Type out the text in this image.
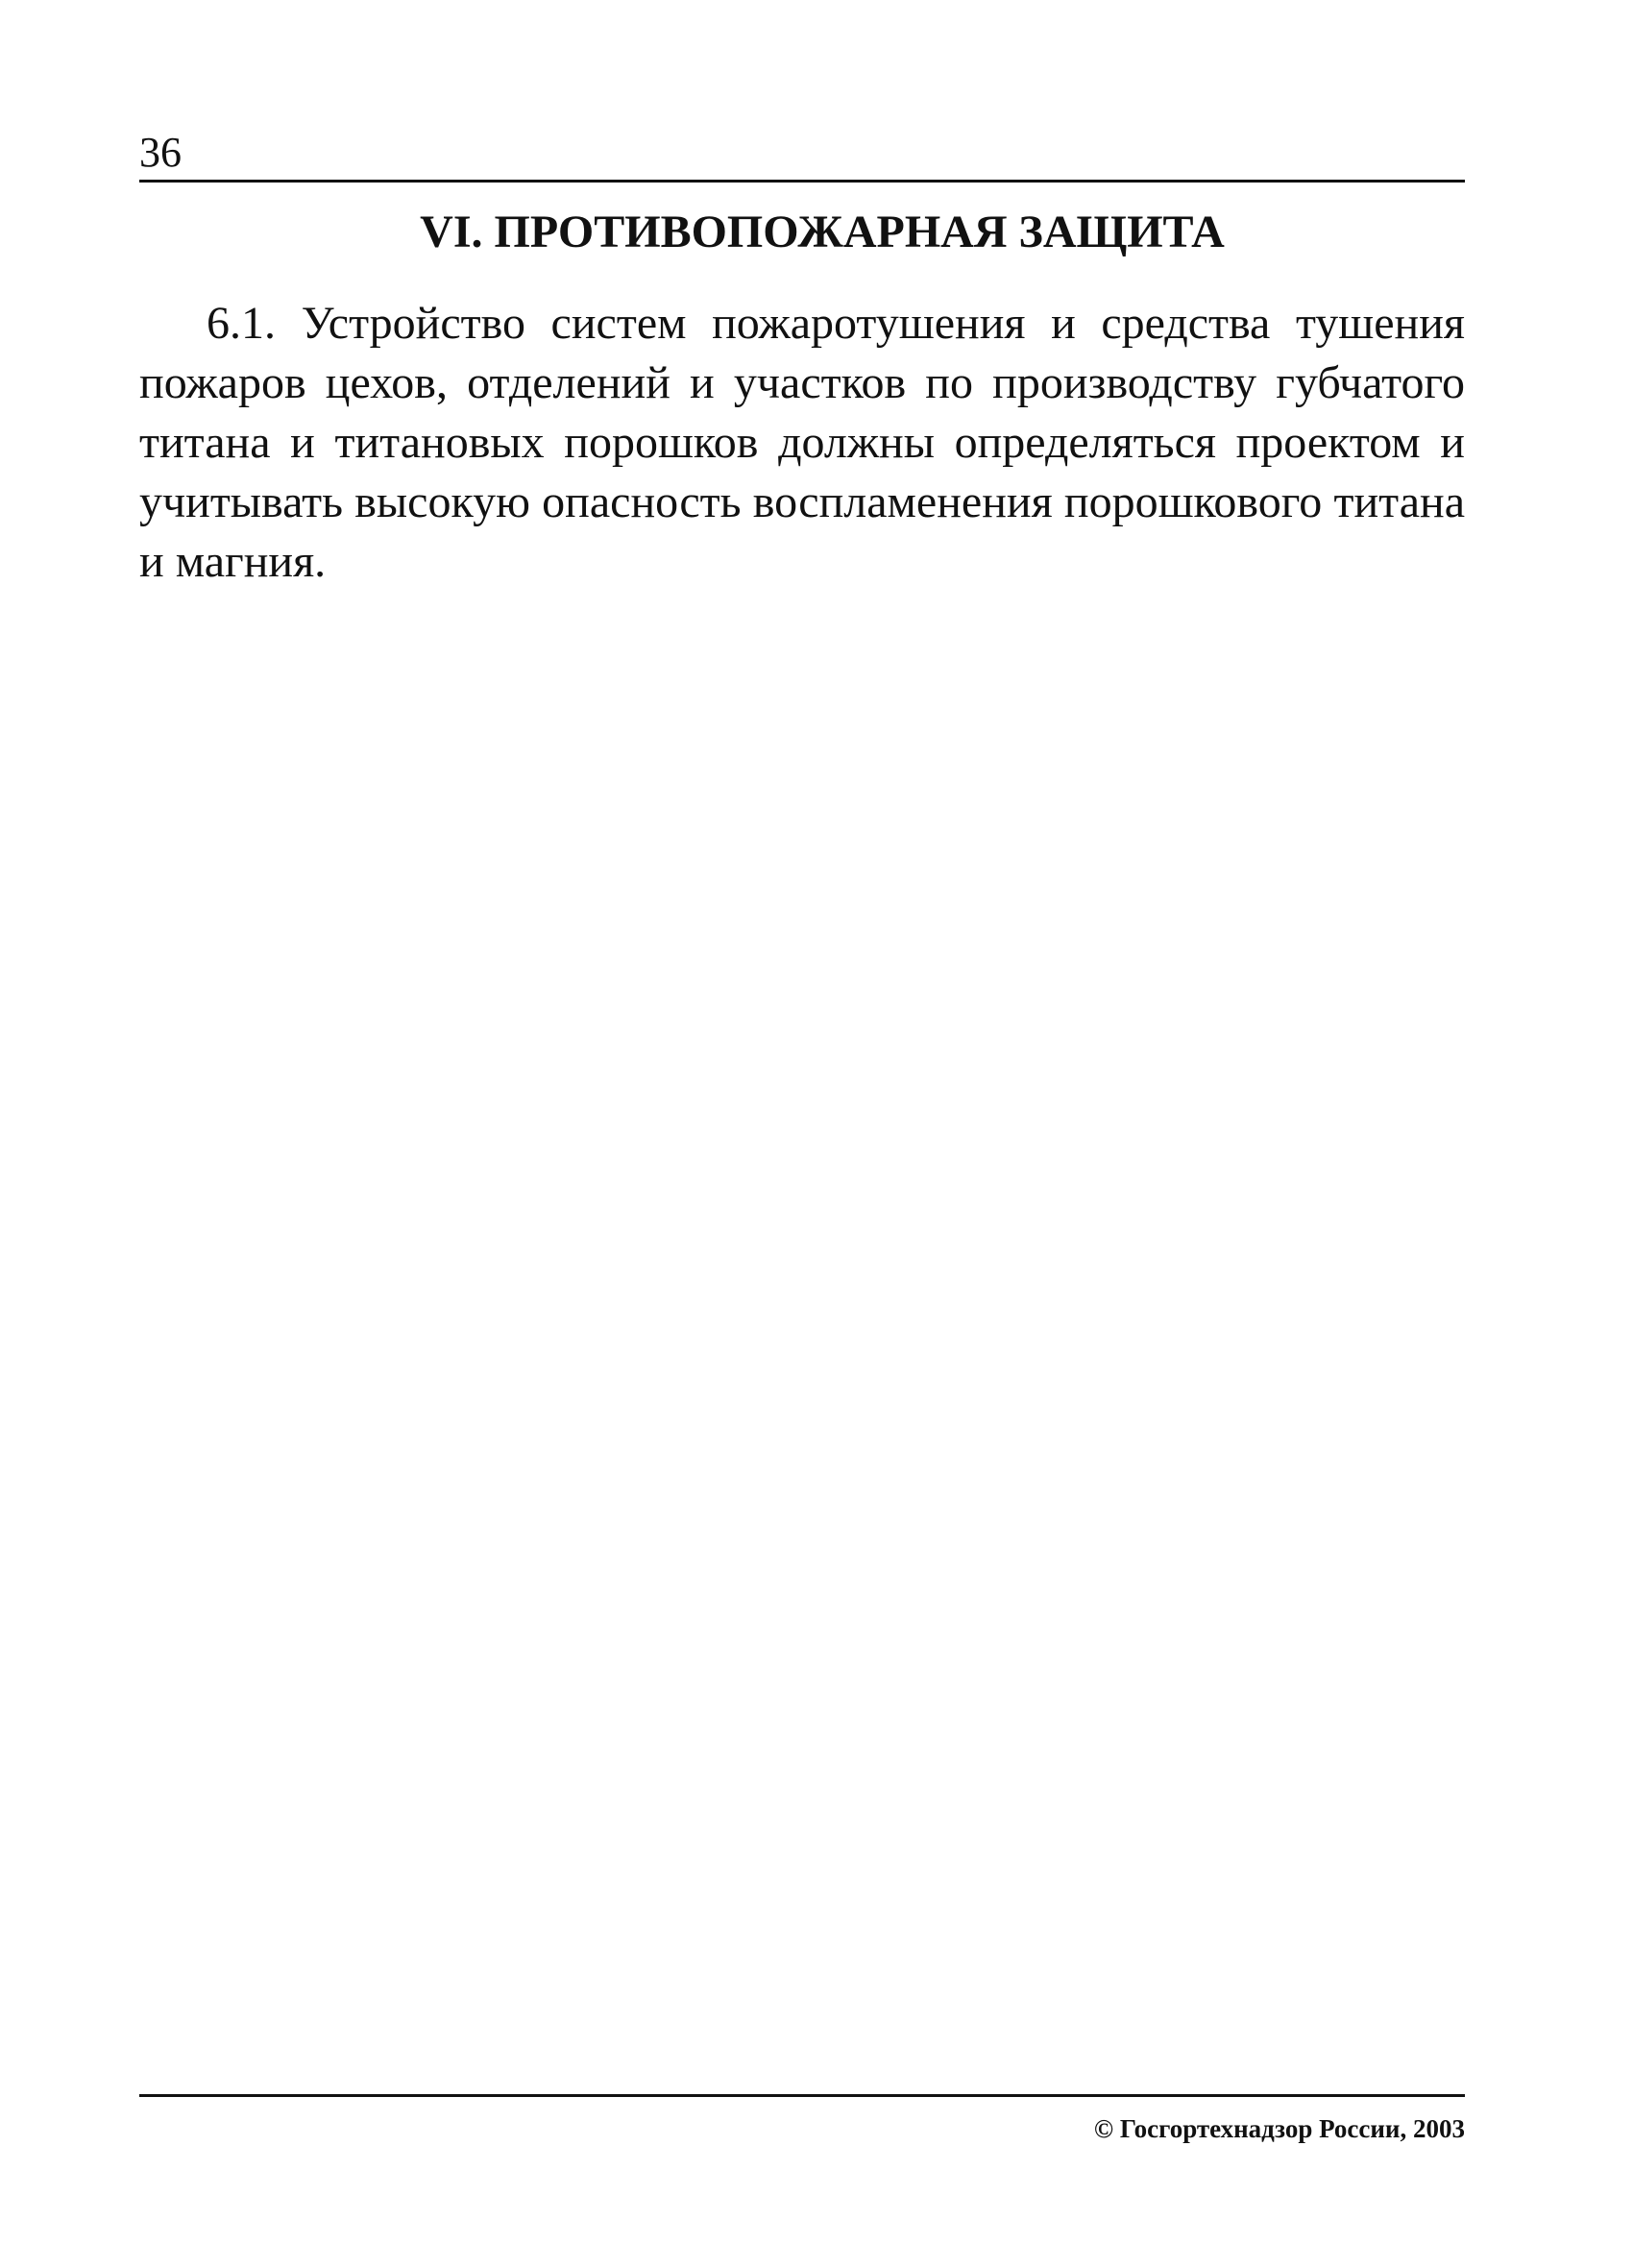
36
VI. ПРОТИВОПОЖАРНАЯ ЗАЩИТА

6.1. Устройство систем пожаротушения и средства тушения пожаров цехов, отделений и участков по производству губчатого титана и титановых порошков должны определяться проектом и учитывать высокую опасность воспламенения порошкового титана и магния.

© Госгортехнадзор России, 2003
